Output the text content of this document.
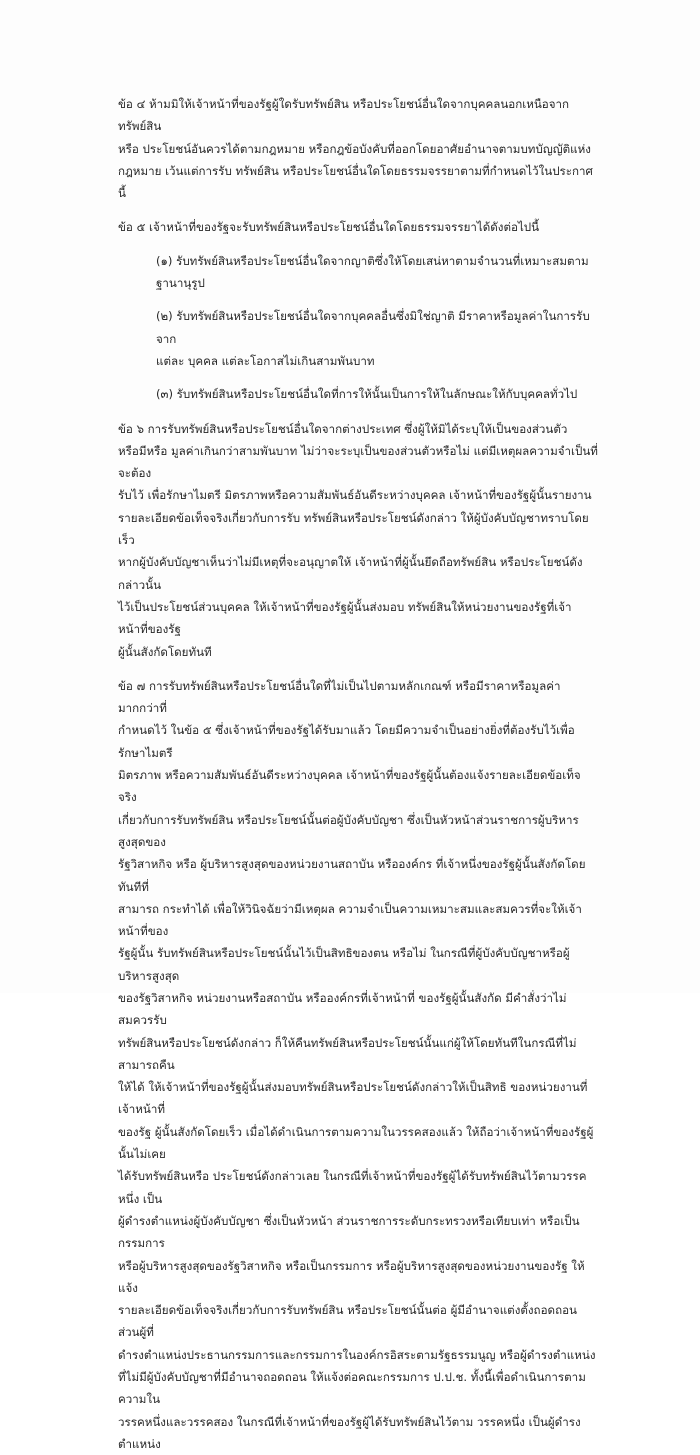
ข้อ ๔ ห้ามมิให้เจ้าหน้าที่ของรัฐผู้ใดรับทรัพย์สิน หรือประโยชน์อื่นใดจากบุคคลนอกเหนือจากทรัพย์สิน

หรือ ประโยชน์อันควรได้ตามกฎหมาย หรือกฎข้อบังคับที่ออกโดยอาศัยอำนาจตามบทบัญญัติแห่ง

กฎหมาย เว้นแต่การรับ ทรัพย์สิน หรือประโยชน์อื่นใดโดยธรรมจรรยาตามที่กำหนดไว้ในประกาศนี้

ข้อ ๕ เจ้าหน้าที่ของรัฐจะรับทรัพย์สินหรือประโยชน์อื่นใดโดยธรรมจรรยาได้ดังต่อไปนี้

(๑) รับทรัพย์สินหรือประโยชน์อื่นใดจากญาติซึ่งให้โดยเสน่หาตามจำนวนที่เหมาะสมตามฐานานุรูป

(๒) รับทรัพย์สินหรือประโยชน์อื่นใดจากบุคคลอื่นซึ่งมิใช่ญาติ มีราคาหรือมูลค่าในการรับจาก

แต่ละ บุคคล แต่ละโอกาสไม่เกินสามพันบาท

(๓) รับทรัพย์สินหรือประโยชน์อื่นใดที่การให้นั้นเป็นการให้ในลักษณะให้กับบุคคลทั่วไป

ข้อ ๖ การรับทรัพย์สินหรือประโยชน์อื่นใดจากต่างประเทศ ซึ่งผู้ให้มิได้ระบุให้เป็นของส่วนตัว

หรือมีหรือ มูลค่าเกินกว่าสามพันบาท ไม่ว่าจะระบุเป็นของส่วนตัวหรือไม่ แต่มีเหตุผลความจำเป็นที่จะต้อง

รับไว้ เพื่อรักษาไมตรี มิตรภาพหรือความสัมพันธ์อันดีระหว่างบุคคล เจ้าหน้าที่ของรัฐผู้นั้นรายงาน

รายละเอียดข้อเท็จจริงเกี่ยวกับการรับ ทรัพย์สินหรือประโยชน์ดังกล่าว ให้ผู้บังคับบัญชาทราบโดยเร็ว

หากผู้บังคับบัญชาเห็นว่าไม่มีเหตุที่จะอนุญาตให้ เจ้าหน้าที่ผู้นั้นยึดถือทรัพย์สิน หรือประโยชน์ดังกล่าวนั้น

ไว้เป็นประโยชน์ส่วนบุคคล ให้เจ้าหน้าที่ของรัฐผู้นั้นส่งมอบ ทรัพย์สินให้หน่วยงานของรัฐที่เจ้าหน้าที่ของรัฐ

ผู้นั้นสังกัดโดยทันที

ข้อ ๗ การรับทรัพย์สินหรือประโยชน์อื่นใดที่ไม่เป็นไปตามหลักเกณฑ์ หรือมีราคาหรือมูลค่ามากกว่าที่

กำหนดไว้ ในข้อ ๕ ซึ่งเจ้าหน้าที่ของรัฐได้รับมาแล้ว โดยมีความจำเป็นอย่างยิ่งที่ต้องรับไว้เพื่อรักษาไมตรี

มิตรภาพ หรือความสัมพันธ์อันดีระหว่างบุคคล เจ้าหน้าที่ของรัฐผู้นั้นต้องแจ้งรายละเอียดข้อเท็จจริง

เกี่ยวกับการรับทรัพย์สิน หรือประโยชน์นั้นต่อผู้บังคับบัญชา ซึ่งเป็นหัวหน้าส่วนราชการผู้บริหารสูงสุดของ

รัฐวิสาหกิจ หรือ ผู้บริหารสูงสุดของหน่วยงานสถาบัน หรือองค์กร ที่เจ้าหนึ่งของรัฐผู้นั้นสังกัดโดยทันทีที่

สามารถ กระทำได้ เพื่อให้วินิจฉัยว่ามีเหตุผล ความจำเป็นความเหมาะสมและสมควรที่จะให้เจ้าหน้าที่ของ

รัฐผู้นั้น รับทรัพย์สินหรือประโยชน์นั้นไว้เป็นสิทธิของตน หรือไม่ ในกรณีที่ผู้บังคับบัญชาหรือผู้บริหารสูงสุด

ของรัฐวิสาหกิจ หน่วยงานหรือสถาบัน หรือองค์กรที่เจ้าหน้าที่ ของรัฐผู้นั้นสังกัด มีคำสั่งว่าไม่สมควรรับ

ทรัพย์สินหรือประโยชน์ดังกล่าว ก็ให้คืนทรัพย์สินหรือประโยชน์นั้นแก่ผู้ให้โดยทันทีในกรณีที่ไม่สามารถคืน

ให้ได้ ให้เจ้าหน้าที่ของรัฐผู้นั้นส่งมอบทรัพย์สินหรือประโยชน์ดังกล่าวให้เป็นสิทธิ ของหน่วยงานที่เจ้าหน้าที่

ของรัฐ ผู้นั้นสังกัดโดยเร็ว เมื่อได้ดำเนินการตามความในวรรคสองแล้ว ให้ถือว่าเจ้าหน้าที่ของรัฐผู้นั้นไม่เคย

ได้รับทรัพย์สินหรือ ประโยชน์ดังกล่าวเลย ในกรณีที่เจ้าหน้าที่ของรัฐผู้ได้รับทรัพย์สินไว้ตามวรรคหนึ่ง เป็น

ผู้ดำรงตำแหน่งผู้บังคับบัญชา ซึ่งเป็นหัวหน้า ส่วนราชการระดับกระทรวงหรือเทียบเท่า หรือเป็นกรรมการ

หรือผู้บริหารสูงสุดของรัฐวิสาหกิจ หรือเป็นกรรมการ หรือผู้บริหารสูงสุดของหน่วยงานของรัฐ ให้แจ้ง

รายละเอียดข้อเท็จจริงเกี่ยวกับการรับทรัพย์สิน หรือประโยชน์นั้นต่อ ผู้มีอำนาจแต่งตั้งถอดถอน ส่วนผู้ที่

ดำรงตำแหน่งประธานกรรมการและกรรมการในองค์กรอิสระตามรัฐธรรมนูญ หรือผู้ดำรงตำแหน่ง

ที่ไม่มีผู้บังคับบัญชาที่มีอำนาจถอดถอน ให้แจ้งต่อคณะกรรมการ ป.ป.ช. ทั้งนี้เพื่อดำเนินการตามความใน

วรรคหนึ่งและวรรคสอง ในกรณีที่เจ้าหน้าที่ของรัฐผู้ได้รับทรัพย์สินไว้ตาม วรรคหนึ่ง เป็นผู้ดำรงตำแหน่ง
